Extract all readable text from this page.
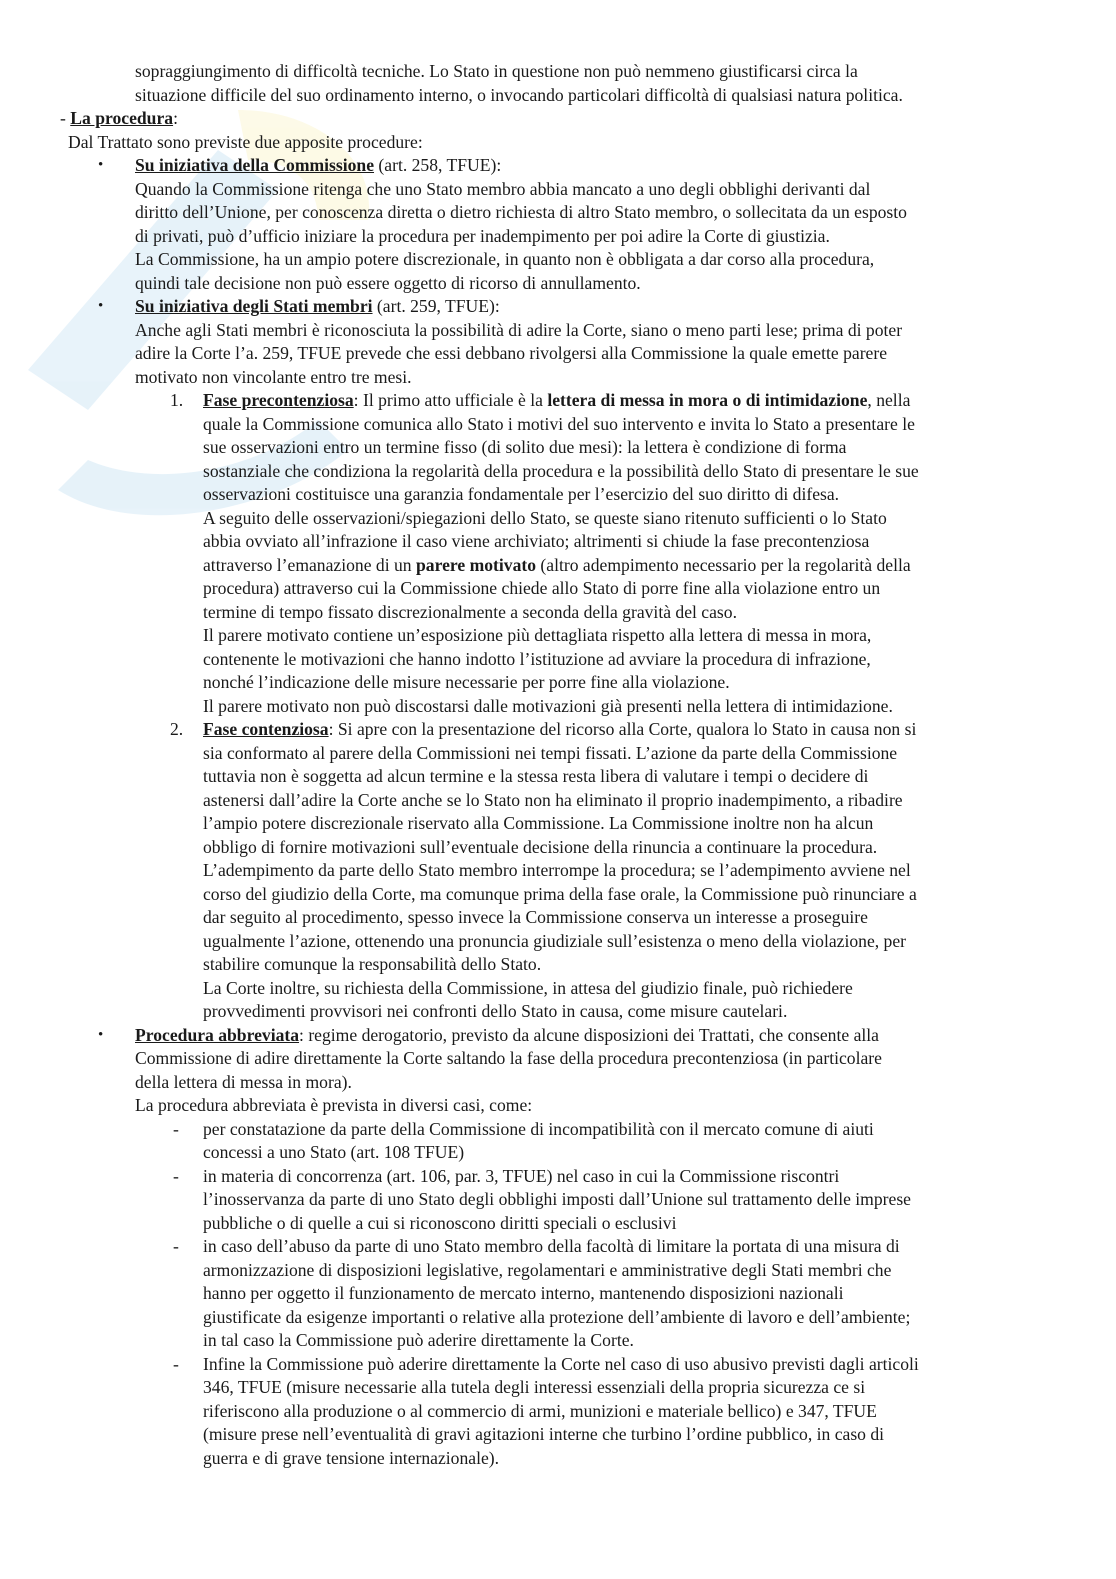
sopraggiungimento di difficoltà tecniche. Lo Stato in questione non può nemmeno giustificarsi circa la
situazione difficile del suo ordinamento interno, o invocando particolari difficoltà di qualsiasi natura politica.
- La procedura:
Dal Trattato sono previste due apposite procedure:
• Su iniziativa della Commissione (art. 258, TFUE):
Quando la Commissione ritenga che uno Stato membro abbia mancato a uno degli obblighi derivanti dal
diritto dell’Unione, per conoscenza diretta o dietro richiesta di altro Stato membro, o sollecitata da un esposto
di privati, può d’ufficio iniziare la procedura per inadempimento per poi adire la Corte di giustizia.
La Commissione, ha un ampio potere discrezionale, in quanto non è obbligata a dar corso alla procedura,
quindi tale decisione non può essere oggetto di ricorso di annullamento.
• Su iniziativa degli Stati membri (art. 259, TFUE):
Anche agli Stati membri è riconosciuta la possibilità di adire la Corte, siano o meno parti lese; prima di poter
adire la Corte l’a. 259, TFUE prevede che essi debbano rivolgersi alla Commissione la quale emette parere
motivato non vincolante entro tre mesi.
1. Fase precontenziosa: Il primo atto ufficiale è la lettera di messa in mora o di intimidazione, nella
quale la Commissione comunica allo Stato i motivi del suo intervento e invita lo Stato a presentare le
sue osservazioni entro un termine fisso (di solito due mesi): la lettera è condizione di forma
sostanziale che condiziona la regolarità della procedura e la possibilità dello Stato di presentare le sue
osservazioni costituisce una garanzia fondamentale per l’esercizio del suo diritto di difesa.
A seguito delle osservazioni/spiegazioni dello Stato, se queste siano ritenuto sufficienti o lo Stato
abbia ovviato all’infrazione il caso viene archiviato; altrimenti si chiude la fase precontenziosa
attraverso l’emanazione di un parere motivato (altro adempimento necessario per la regolarità della
procedura) attraverso cui la Commissione chiede allo Stato di porre fine alla violazione entro un
termine di tempo fissato discrezionalmente a seconda della gravità del caso.
Il parere motivato contiene un’esposizione più dettagliata rispetto alla lettera di messa in mora,
contenente le motivazioni che hanno indotto l’istituzione ad avviare la procedura di infrazione,
nonché l’indicazione delle misure necessarie per porre fine alla violazione.
Il parere motivato non può discostarsi dalle motivazioni già presenti nella lettera di intimidazione.
2. Fase contenziosa: Si apre con la presentazione del ricorso alla Corte, qualora lo Stato in causa non si
sia conformato al parere della Commissioni nei tempi fissati. L’azione da parte della Commissione
tuttavia non è soggetta ad alcun termine e la stessa resta libera di valutare i tempi o decidere di
astenersi dall’adire la Corte anche se lo Stato non ha eliminato il proprio inadempimento, a ribadire
l’ampio potere discrezionale riservato alla Commissione. La Commissione inoltre non ha alcun
obbligo di fornire motivazioni sull’eventuale decisione della rinuncia a continuare la procedura.
L’adempimento da parte dello Stato membro interrompe la procedura; se l’adempimento avviene nel
corso del giudizio della Corte, ma comunque prima della fase orale, la Commissione può rinunciare a
dar seguito al procedimento, spesso invece la Commissione conserva un interesse a proseguire
ugualmente l’azione, ottenendo una pronuncia giudiziale sull’esistenza o meno della violazione, per
stabilire comunque la responsabilità dello Stato.
La Corte inoltre, su richiesta della Commissione, in attesa del giudizio finale, può richiedere
provvedimenti provvisori nei confronti dello Stato in causa, come misure cautelari.
• Procedura abbreviata: regime derogatorio, previsto da alcune disposizioni dei Trattati, che consente alla
Commissione di adire direttamente la Corte saltando la fase della procedura precontenziosa (in particolare
della lettera di messa in mora).
La procedura abbreviata è prevista in diversi casi, come:
- per constatazione da parte della Commissione di incompatibilità con il mercato comune di aiuti
concessi a uno Stato (art. 108 TFUE)
- in materia di concorrenza (art. 106, par. 3, TFUE) nel caso in cui la Commissione riscontri
l’inosservanza da parte di uno Stato degli obblighi imposti dall’Unione sul trattamento delle imprese
pubbliche o di quelle a cui si riconoscono diritti speciali o esclusivi
- in caso dell’abuso da parte di uno Stato membro della facoltà di limitare la portata di una misura di
armonizzazione di disposizioni legislative, regolamentari e amministrative degli Stati membri che
hanno per oggetto il funzionamento de mercato interno, mantenendo disposizioni nazionali
giustificate da esigenze importanti o relative alla protezione dell’ambiente di lavoro e dell’ambiente;
in tal caso la Commissione può aderire direttamente la Corte.
- Infine la Commissione può aderire direttamente la Corte nel caso di uso abusivo previsti dagli articoli
346, TFUE (misure necessarie alla tutela degli interessi essenziali della propria sicurezza ce si
riferiscono alla produzione o al commercio di armi, munizioni e materiale bellico) e 347, TFUE
(misure prese nell’eventualità di gravi agitazioni interne che turbino l’ordine pubblico, in caso di
guerra e di grave tensione internazionale).
